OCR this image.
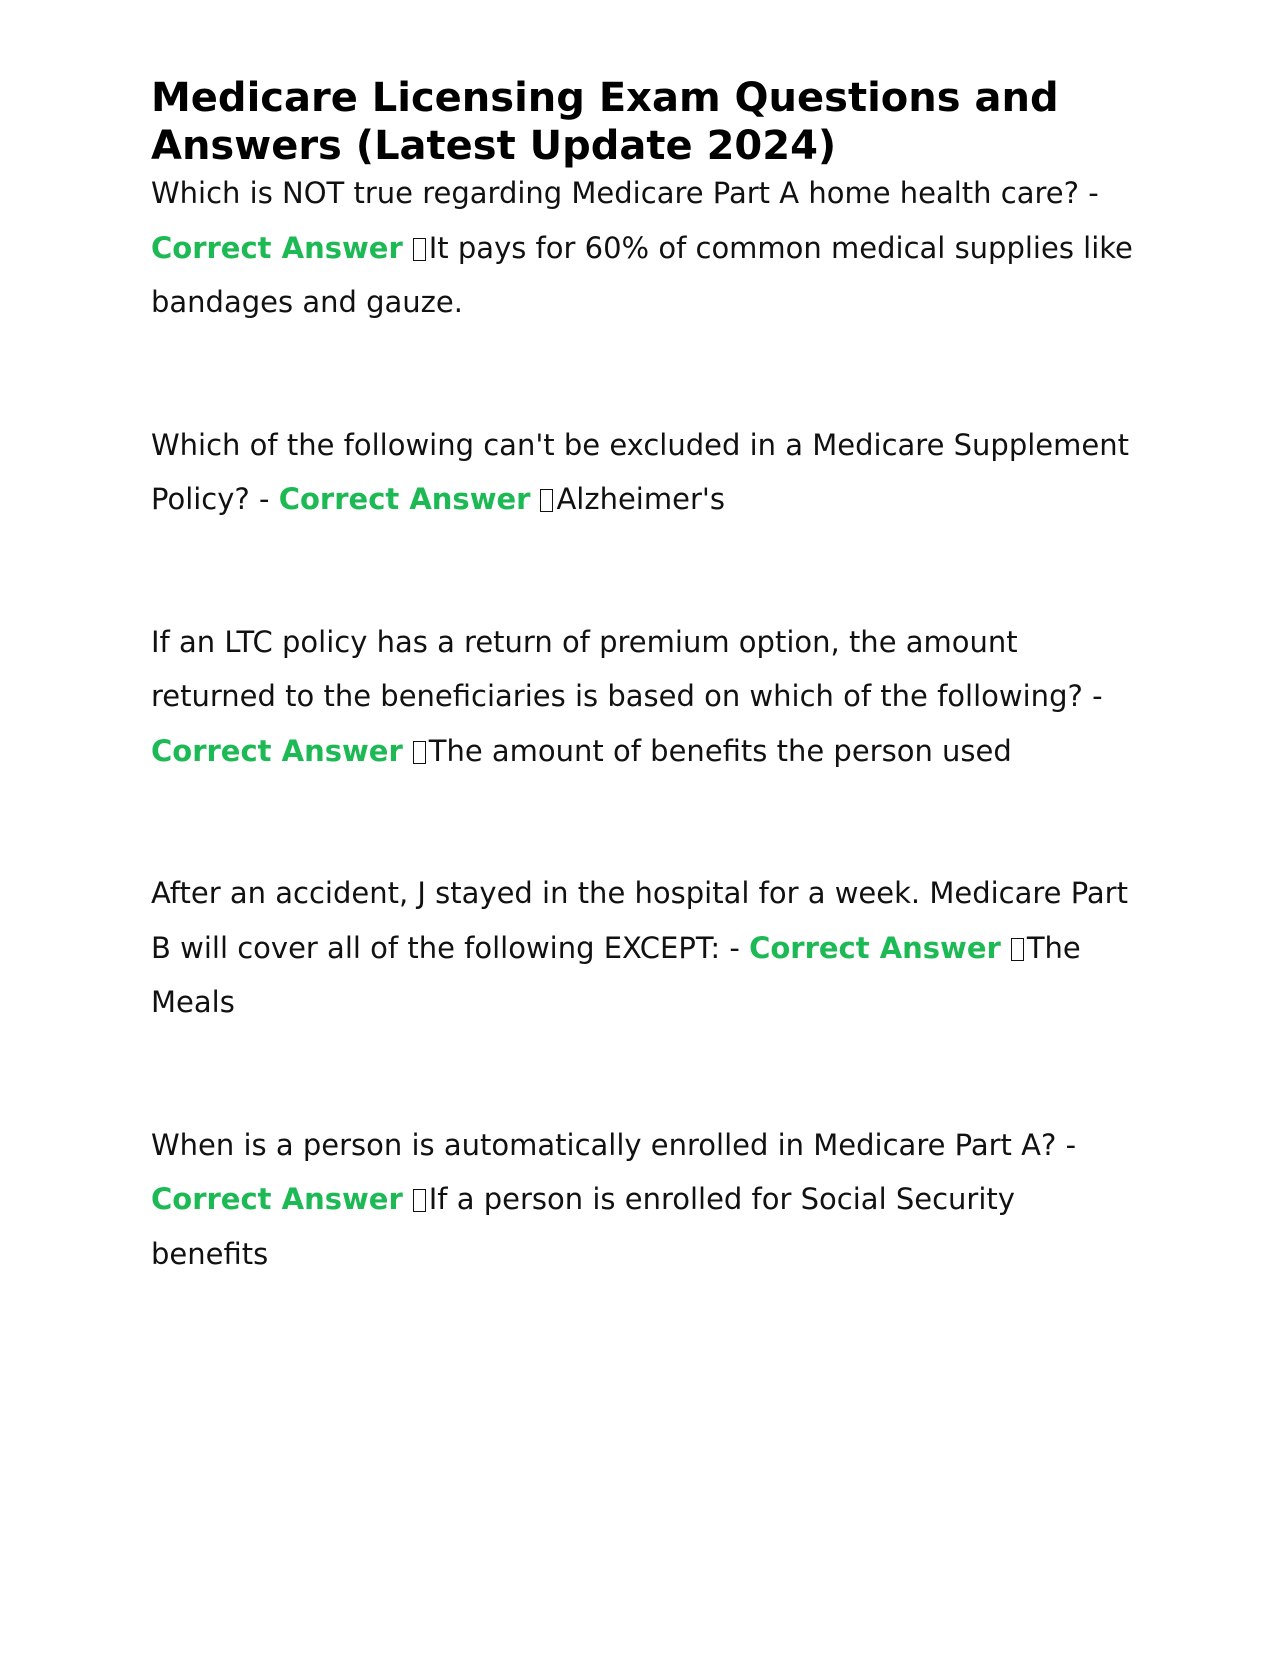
Medicare Licensing Exam Questions and Answers (Latest Update 2024)

Which is NOT true regarding Medicare Part A home health care? - Correct Answer It pays for 60% of common medical supplies like bandages and gauze.

Which of the following can't be excluded in a Medicare Supplement Policy? - Correct Answer Alzheimer's

If an LTC policy has a return of premium option, the amount returned to the beneficiaries is based on which of the following? - Correct Answer The amount of benefits the person used

After an accident, J stayed in the hospital for a week. Medicare Part B will cover all of the following EXCEPT: - Correct Answer The Meals

When is a person is automatically enrolled in Medicare Part A? - Correct Answer If a person is enrolled for Social Security benefits
